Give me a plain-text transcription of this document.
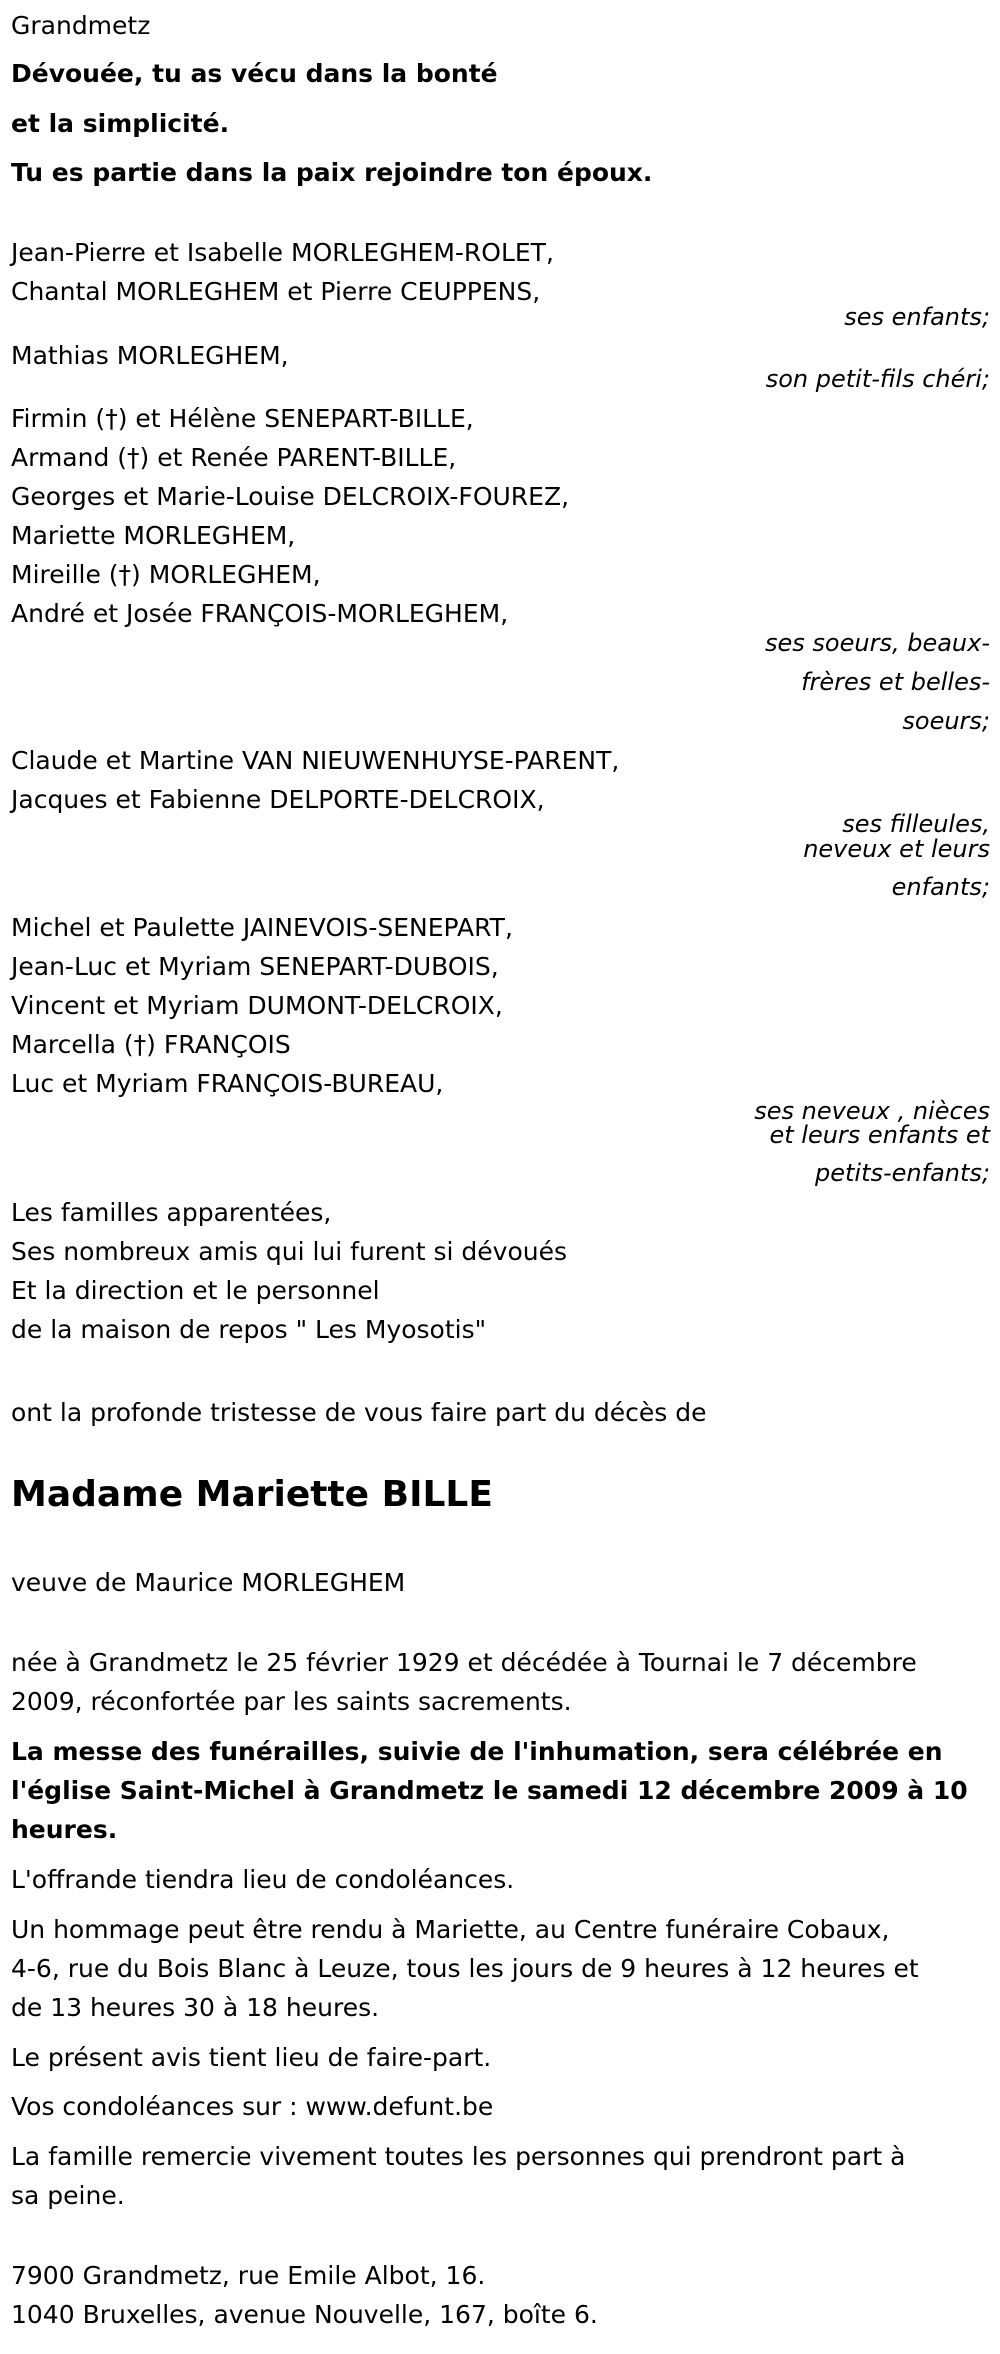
Grandmetz
Dévouée, tu as vécu dans la bonté
et la simplicité.
Tu es partie dans la paix rejoindre ton époux.
Jean-Pierre et Isabelle MORLEGHEM-ROLET,
Chantal MORLEGHEM et Pierre CEUPPENS,
ses enfants;
Mathias MORLEGHEM,
son petit-fils chéri;
Firmin (†) et Hélène SENEPART-BILLE,
Armand (†) et Renée PARENT-BILLE,
Georges et Marie-Louise DELCROIX-FOUREZ,
Mariette MORLEGHEM,
Mireille (†) MORLEGHEM,
André et Josée FRANÇOIS-MORLEGHEM,
ses soeurs, beaux-
frères et belles-
soeurs;
Claude et Martine VAN NIEUWENHUYSE-PARENT,
Jacques et Fabienne DELPORTE-DELCROIX,
ses filleules,
neveux et leurs
enfants;
Michel et Paulette JAINEVOIS-SENEPART,
Jean-Luc et Myriam SENEPART-DUBOIS,
Vincent et Myriam DUMONT-DELCROIX,
Marcella (†) FRANÇOIS
Luc et Myriam FRANÇOIS-BUREAU,
ses neveux , nièces
et leurs enfants et
petits-enfants;
Les familles apparentées,
Ses nombreux amis qui lui furent si dévoués
Et la direction et le personnel
de la maison de repos " Les Myosotis"
ont la profonde tristesse de vous faire part du décès de
Madame Mariette BILLE
veuve de Maurice MORLEGHEM
née à Grandmetz le 25 février 1929 et décédée à Tournai le 7 décembre
2009, réconfortée par les saints sacrements.
La messe des funérailles, suivie de l'inhumation, sera célébrée en
l'église Saint-Michel à Grandmetz le samedi 12 décembre 2009 à 10
heures.
L'offrande tiendra lieu de condoléances.
Un hommage peut être rendu à Mariette, au Centre funéraire Cobaux,
4-6, rue du Bois Blanc à Leuze, tous les jours de 9 heures à 12 heures et
de 13 heures 30 à 18 heures.
Le présent avis tient lieu de faire-part.
Vos condoléances sur : www.defunt.be
La famille remercie vivement toutes les personnes qui prendront part à
sa peine.
7900 Grandmetz, rue Emile Albot, 16.
1040 Bruxelles, avenue Nouvelle, 167, boîte 6.
